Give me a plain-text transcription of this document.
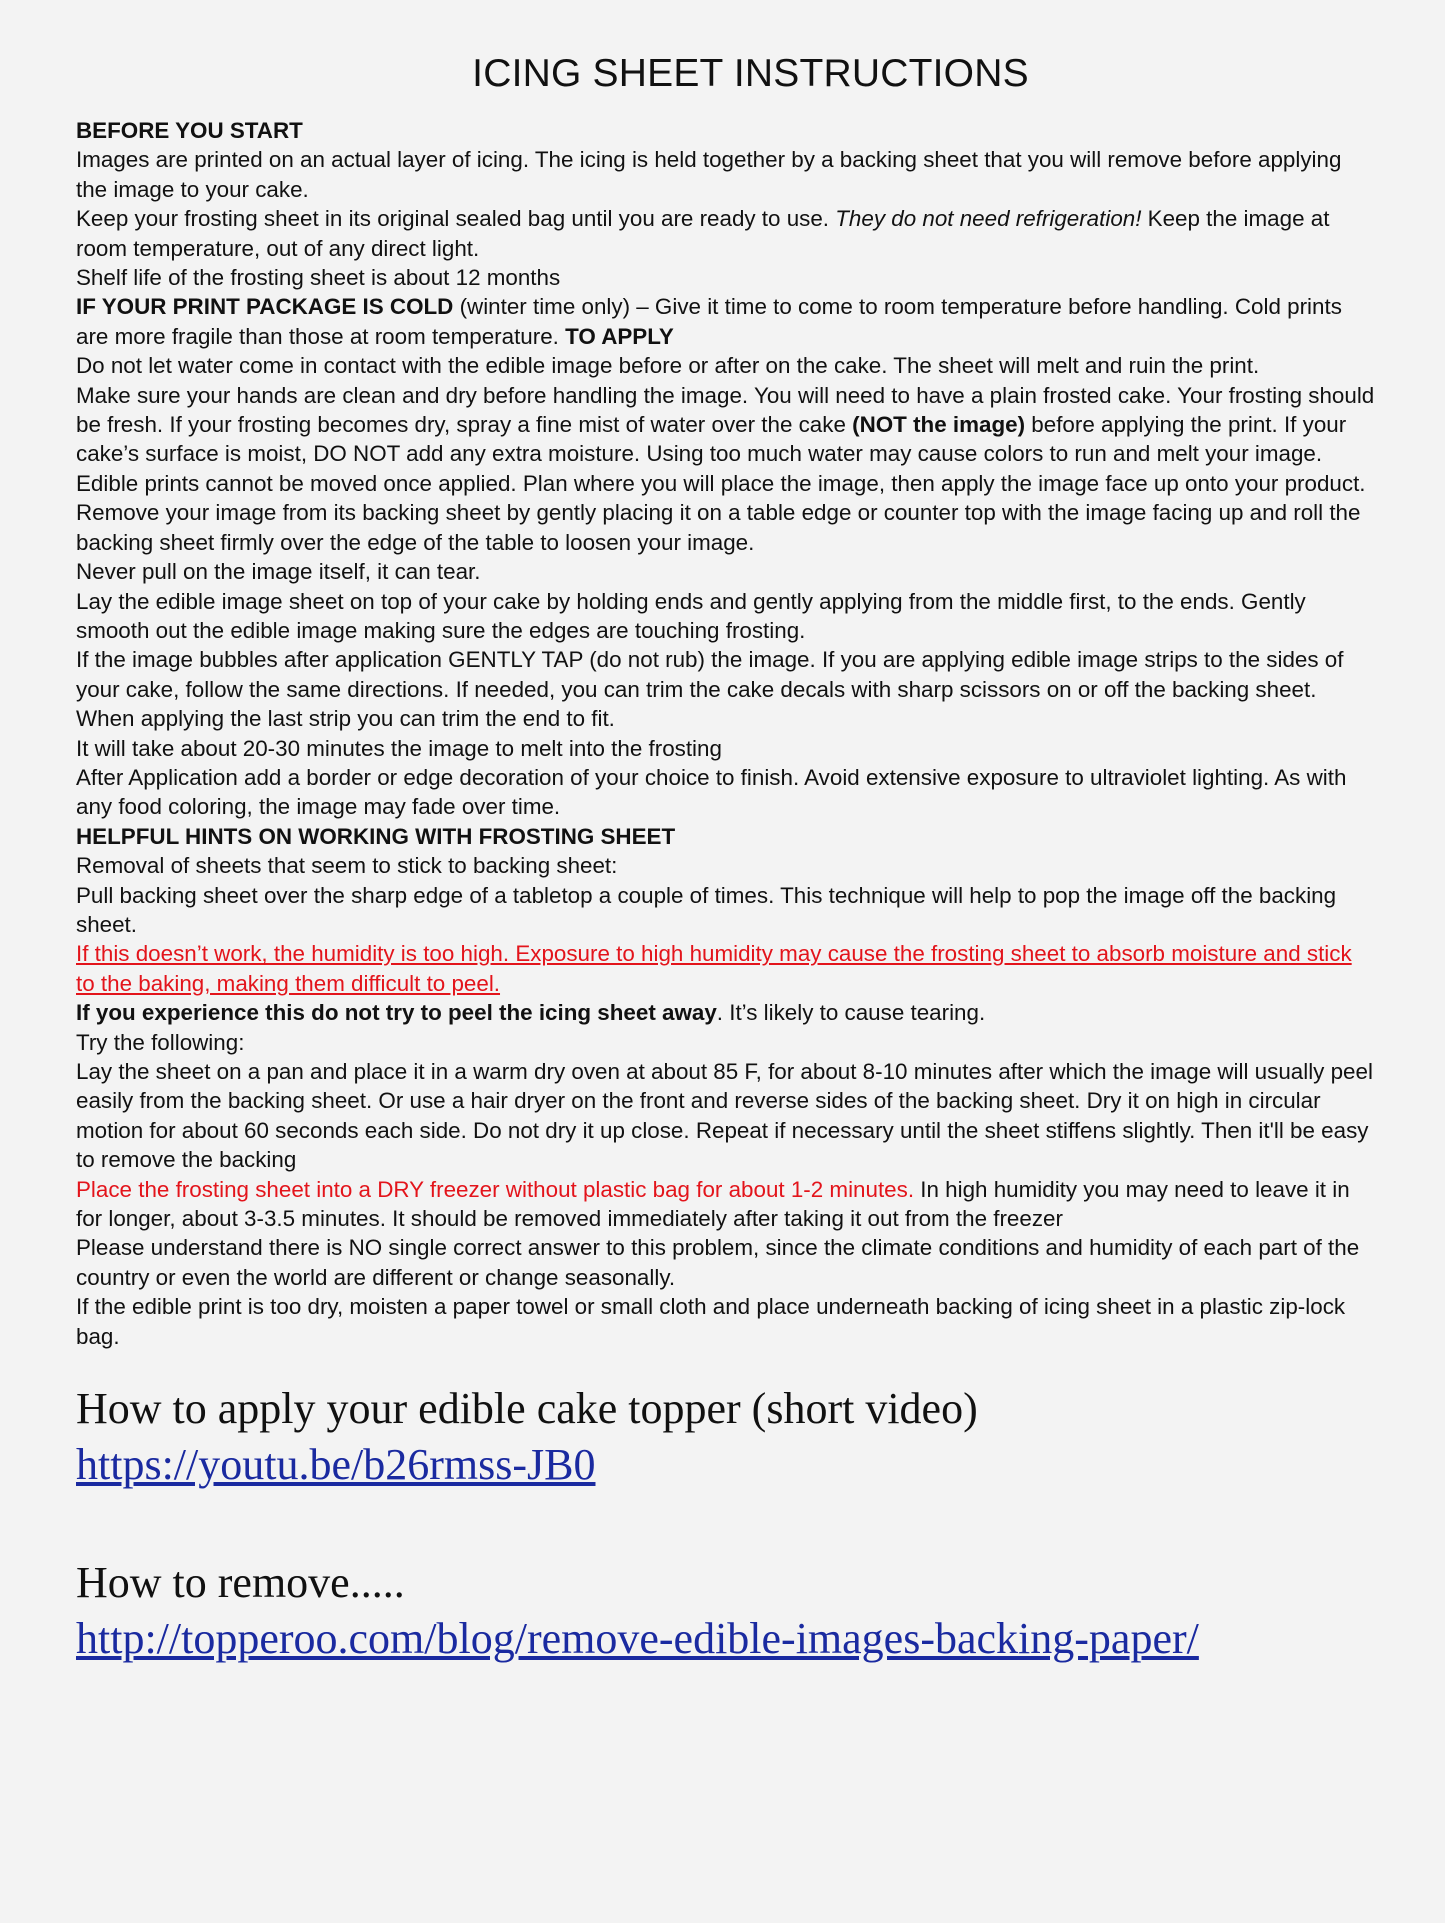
ICING SHEET INSTRUCTIONS

BEFORE YOU START

Images are printed on an actual layer of icing. The icing is held together by a backing sheet that you will remove before applying the image to your cake.

Keep your frosting sheet in its original sealed bag until you are ready to use. They do not need refrigeration! Keep the image at room temperature, out of any direct light.

Shelf life of the frosting sheet is about 12 months

IF YOUR PRINT PACKAGE IS COLD (winter time only) – Give it time to come to room temperature before handling. Cold prints are more fragile than those at room temperature. TO APPLY

Do not let water come in contact with the edible image before or after on the cake. The sheet will melt and ruin the print.

Make sure your hands are clean and dry before handling the image. You will need to have a plain frosted cake. Your frosting should be fresh. If your frosting becomes dry, spray a fine mist of water over the cake (NOT the image) before applying the print. If your cake’s surface is moist, DO NOT add any extra moisture. Using too much water may cause colors to run and melt your image.

Edible prints cannot be moved once applied. Plan where you will place the image, then apply the image face up onto your product. Remove your image from its backing sheet by gently placing it on a table edge or counter top with the image facing up and roll the backing sheet firmly over the edge of the table to loosen your image.

Never pull on the image itself, it can tear.

Lay the edible image sheet on top of your cake by holding ends and gently applying from the middle first, to the ends. Gently smooth out the edible image making sure the edges are touching frosting.

If the image bubbles after application GENTLY TAP (do not rub) the image. If you are applying edible image strips to the sides of your cake, follow the same directions. If needed, you can trim the cake decals with sharp scissors on or off the backing sheet. When applying the last strip you can trim the end to fit.

It will take about 20-30 minutes the image to melt into the frosting

After Application add a border or edge decoration of your choice to finish. Avoid extensive exposure to ultraviolet lighting. As with any food coloring, the image may fade over time.

HELPFUL HINTS ON WORKING WITH FROSTING SHEET

Removal of sheets that seem to stick to backing sheet:

Pull backing sheet over the sharp edge of a tabletop a couple of times. This technique will help to pop the image off the backing sheet.

If this doesn’t work, the humidity is too high. Exposure to high humidity may cause the frosting sheet to absorb moisture and stick to the baking, making them difficult to peel.

If you experience this do not try to peel the icing sheet away. It’s likely to cause tearing.

Try the following:

Lay the sheet on a pan and place it in a warm dry oven at about 85 F, for about 8-10 minutes after which the image will usually peel easily from the backing sheet. Or use a hair dryer on the front and reverse sides of the backing sheet. Dry it on high in circular motion for about 60 seconds each side. Do not dry it up close. Repeat if necessary until the sheet stiffens slightly. Then it'll be easy to remove the backing

Place the frosting sheet into a DRY freezer without plastic bag for about 1-2 minutes. In high humidity you may need to leave it in for longer, about 3-3.5 minutes. It should be removed immediately after taking it out from the freezer

Please understand there is NO single correct answer to this problem, since the climate conditions and humidity of each part of the country or even the world are different or change seasonally.

If the edible print is too dry, moisten a paper towel or small cloth and place underneath backing of icing sheet in a plastic zip-lock bag.

How to apply your edible cake topper (short video)
https://youtu.be/b26rmss-JB0
How to remove.....
http://topperoo.com/blog/remove-edible-images-backing-paper/
